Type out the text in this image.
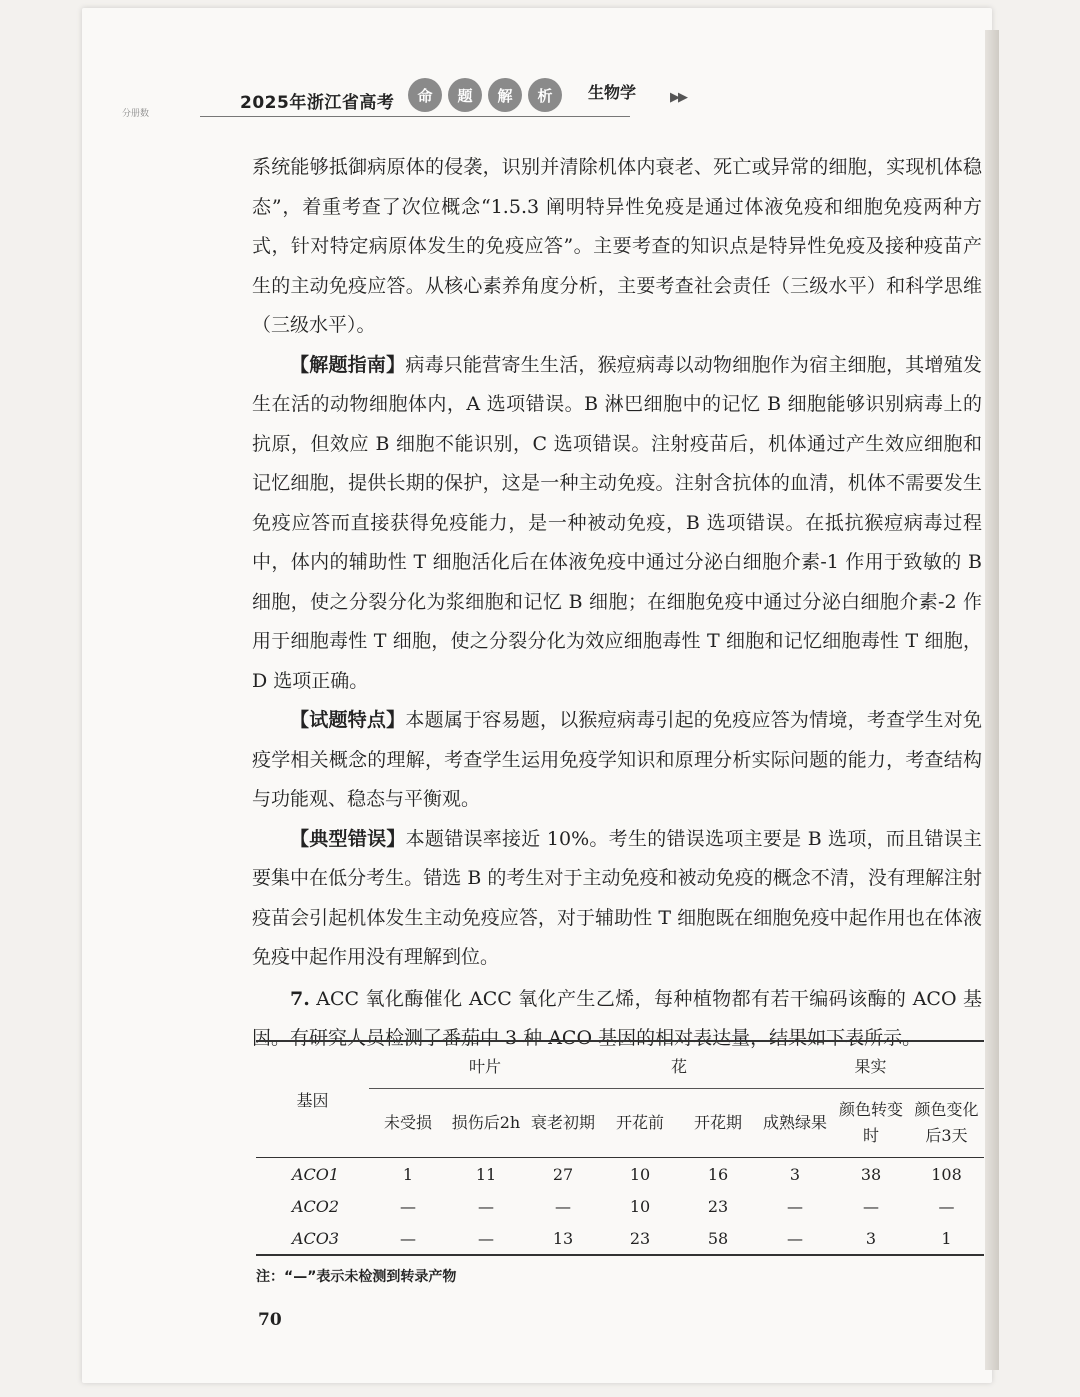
分册数
2025年浙江省高考	命	题	解	析	生物学	▶▶

系统能够抵御病原体的侵袭，识别并清除机体内衰老、死亡或异常的细胞，实现机体稳态”，着重考查了次位概念“1.5.3 阐明特异性免疫是通过体液免疫和细胞免疫两种方式，针对特定病原体发生的免疫应答”。主要考查的知识点是特异性免疫及接种疫苗产生的主动免疫应答。从核心素养角度分析，主要考查社会责任（三级水平）和科学思维（三级水平）。

【解题指南】病毒只能营寄生生活，猴痘病毒以动物细胞作为宿主细胞，其增殖发生在活的动物细胞体内，A 选项错误。B 淋巴细胞中的记忆 B 细胞能够识别病毒上的抗原，但效应 B 细胞不能识别，C 选项错误。注射疫苗后，机体通过产生效应细胞和记忆细胞，提供长期的保护，这是一种主动免疫。注射含抗体的血清，机体不需要发生免疫应答而直接获得免疫能力，是一种被动免疫，B 选项错误。在抵抗猴痘病毒过程中，体内的辅助性 T 细胞活化后在体液免疫中通过分泌白细胞介素-1 作用于致敏的 B 细胞，使之分裂分化为浆细胞和记忆 B 细胞；在细胞免疫中通过分泌白细胞介素-2 作用于细胞毒性 T 细胞，使之分裂分化为效应细胞毒性 T 细胞和记忆细胞毒性 T 细胞，D 选项正确。

【试题特点】本题属于容易题，以猴痘病毒引起的免疫应答为情境，考查学生对免疫学相关概念的理解，考查学生运用免疫学知识和原理分析实际问题的能力，考查结构与功能观、稳态与平衡观。

【典型错误】本题错误率接近 10%。考生的错误选项主要是 B 选项，而且错误主要集中在低分考生。错选 B 的考生对于主动免疫和被动免疫的概念不清，没有理解注射疫苗会引起机体发生主动免疫应答，对于辅助性 T 细胞既在细胞免疫中起作用也在体液免疫中起作用没有理解到位。

7. ACC 氧化酶催化 ACC 氧化产生乙烯，每种植物都有若干编码该酶的 ACO 基因。有研究人员检测了番茄中 3 种 ACO 基因的相对表达量，结果如下表所示。

基因	叶片			花		果实		
	未受损	损伤后2h	衰老初期	开花前	开花期	成熟绿果	颜色转变时	颜色变化后3天
ACO1	1	11	27	10	16	3	38	108
ACO2	—	—	—	10	23	—	—	—
ACO3	—	—	13	23	58	—	3	1
注：“—”表示未检测到转录产物
70
